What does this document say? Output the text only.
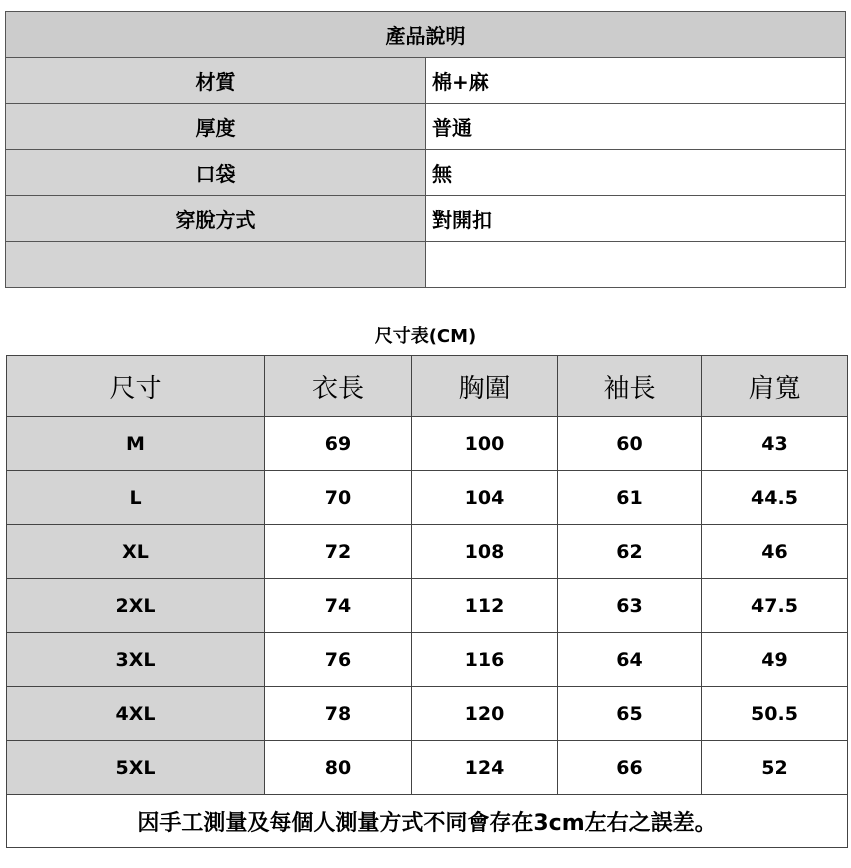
產品說明	
材質	棉+麻
厚度	普通
口袋	無
穿脫方式	對開扣

尺寸表(CM)
尺寸	衣長	胸圍	袖長	肩寬
M	69	100	60	43
L	70	104	61	44.5
XL	72	108	62	46
2XL	74	112	63	47.5
3XL	76	116	64	49
4XL	78	120	65	50.5
5XL	80	124	66	52
因手工測量及每個人測量方式不同會存在3cm左右之誤差。				
